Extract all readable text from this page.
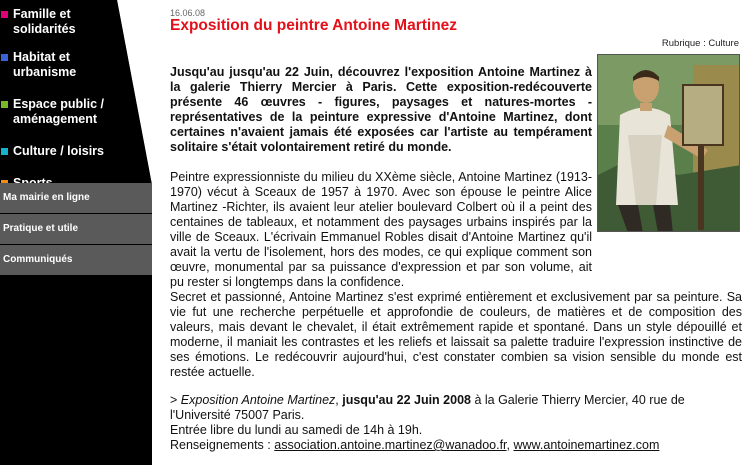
Famille et solidarités
Habitat et urbanisme
Espace public / aménagement
Culture / loisirs
Ma mairie en ligne
Pratique et utile
Communiqués
16.06.08
Exposition du peintre Antoine Martinez
Rubrique : Culture

Jusqu'au jusqu'au 22 Juin, découvrez l'exposition Antoine Martinez à la galerie Thierry Mercier à Paris. Cette exposition-redécouverte présente 46 œuvres - figures, paysages et natures-mortes - représentatives de la peinture expressive d'Antoine Martinez, dont certaines n'avaient jamais été exposées car l'artiste au tempérament solitaire s'était volontairement retiré du monde.

Peintre expressionniste du milieu du XXème siècle, Antoine Martinez (1913-1970) vécut à Sceaux de 1957 à 1970. Avec son épouse le peintre Alice Martinez -Richter, ils avaient leur atelier boulevard Colbert où il a peint des centaines de tableaux, et notamment des paysages urbains inspirés par la ville de Sceaux. L'écrivain Emmanuel Robles disait d'Antoine Martinez qu'il avait la vertu de l'isolement, hors des modes, ce qui explique comment son œuvre, monumental par sa puissance d'expression et par son volume, ait pu rester si longtemps dans la confidence.

Secret et passionné, Antoine Martinez s'est exprimé entièrement et exclusivement par sa peinture. Sa vie fut une recherche perpétuelle et approfondie de couleurs, de matières et de composition des valeurs, mais devant le chevalet, il était extrêmement rapide et spontané. Dans un style dépouillé et moderne, il maniait les contrastes et les reliefs et laissait sa palette traduire l'expression instinctive de ses émotions. Le redécouvrir aujourd'hui, c'est constater combien sa vision sensible du monde est restée actuelle.

> Exposition Antoine Martinez, jusqu'au 22 Juin 2008 à la Galerie Thierry Mercier, 40 rue de l'Université 75007 Paris.
Entrée libre du lundi au samedi de 14h à 19h.
Renseignements : association.antoine.martinez@wanadoo.fr, www.antoinemartinez.com
